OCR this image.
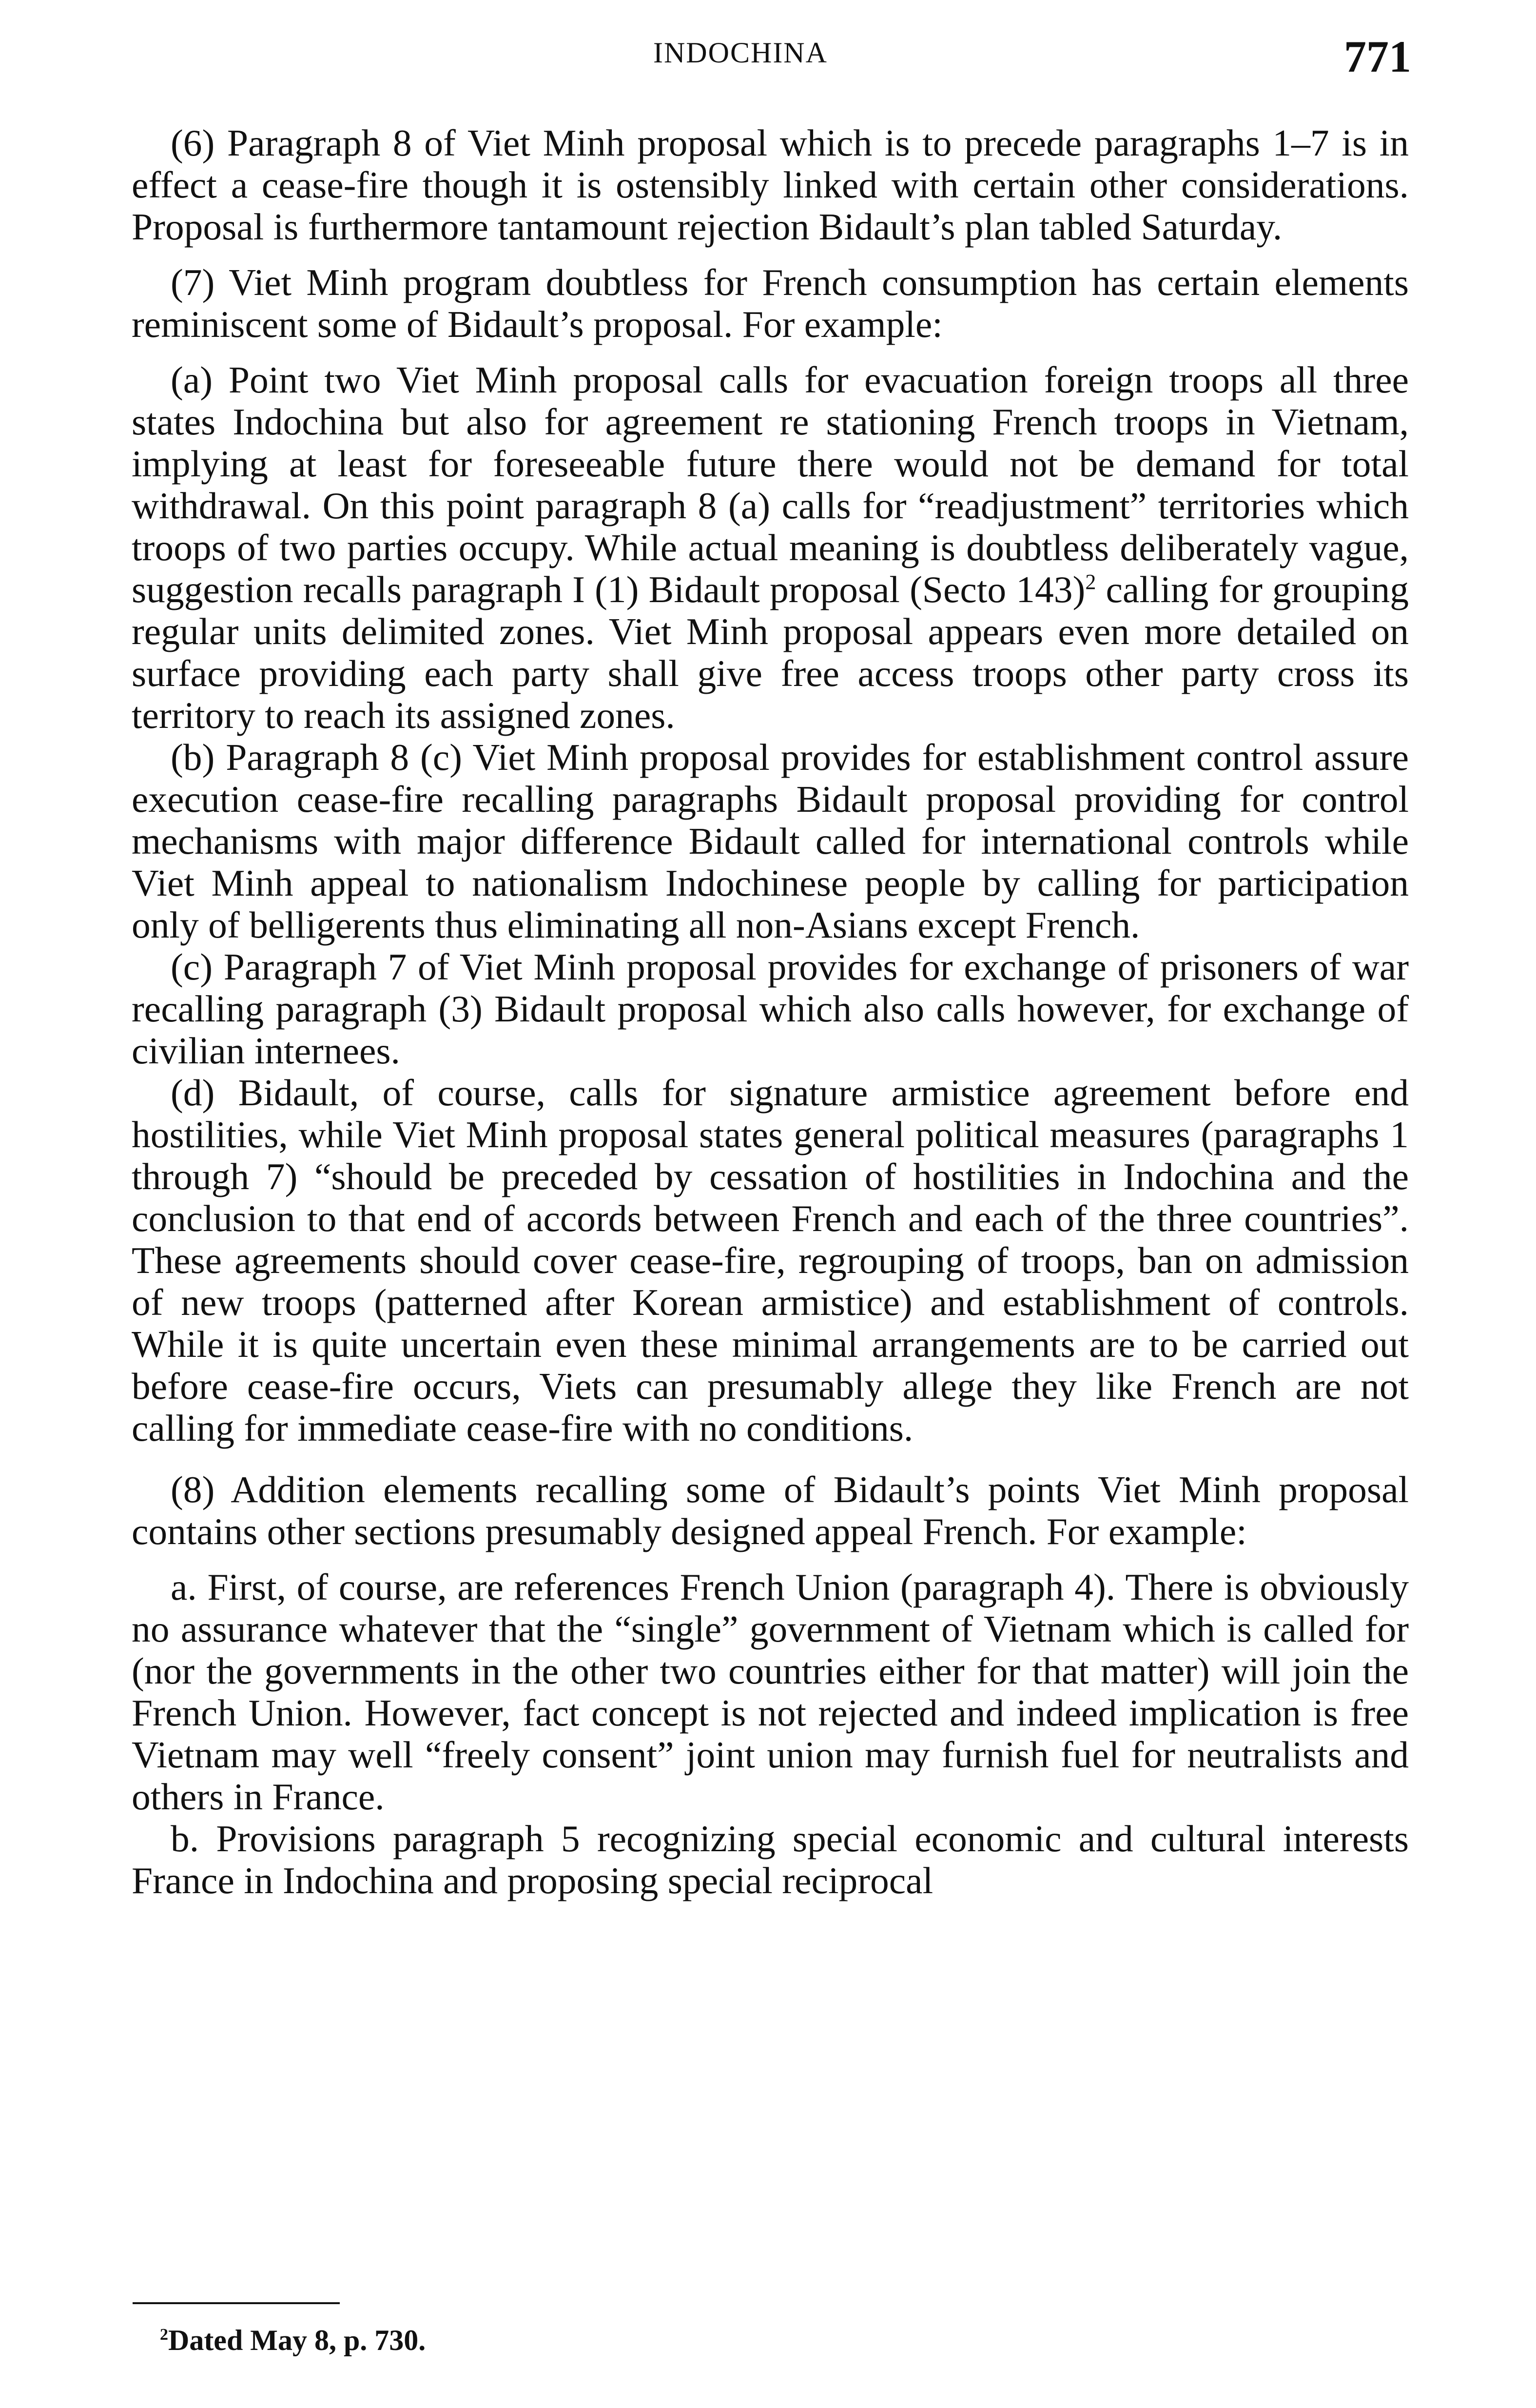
INDOCHINA	771

(6) Paragraph 8 of Viet Minh proposal which is to precede paragraphs 1–7 is in effect a cease-fire though it is ostensibly linked with certain other considerations. Proposal is furthermore tantamount rejection Bidault’s plan tabled Saturday.

(7) Viet Minh program doubtless for French consumption has certain elements reminiscent some of Bidault’s proposal. For example:

(a) Point two Viet Minh proposal calls for evacuation foreign troops all three states Indochina but also for agreement re stationing French troops in Vietnam, implying at least for foreseeable future there would not be demand for total withdrawal. On this point paragraph 8 (a) calls for “readjustment” territories which troops of two parties occupy. While actual meaning is doubtless deliberately vague, suggestion recalls paragraph I (1) Bidault proposal (Secto 143)$^2$ calling for grouping regular units delimited zones. Viet Minh proposal appears even more detailed on surface providing each party shall give free access troops other party cross its territory to reach its assigned zones.

(b) Paragraph 8 (c) Viet Minh proposal provides for establishment control assure execution cease-fire recalling paragraphs Bidault proposal providing for control mechanisms with major difference Bidault called for international controls while Viet Minh appeal to nationalism Indochinese people by calling for participation only of belligerents thus eliminating all non-Asians except French.

(c) Paragraph 7 of Viet Minh proposal provides for exchange of prisoners of war recalling paragraph (3) Bidault proposal which also calls however, for exchange of civilian internees.

(d) Bidault, of course, calls for signature armistice agreement before end hostilities, while Viet Minh proposal states general political measures (paragraphs 1 through 7) “should be preceded by cessation of hostilities in Indochina and the conclusion to that end of accords between French and each of the three countries”. These agreements should cover cease-fire, regrouping of troops, ban on admission of new troops (patterned after Korean armistice) and establishment of controls. While it is quite uncertain even these minimal arrangements are to be carried out before cease-fire occurs, Viets can presumably allege they like French are not calling for immediate cease-fire with no conditions.

(8) Addition elements recalling some of Bidault’s points Viet Minh proposal contains other sections presumably designed appeal French. For example:

a. First, of course, are references French Union (paragraph 4). There is obviously no assurance whatever that the “single” government of Vietnam which is called for (nor the governments in the other two countries either for that matter) will join the French Union. However, fact concept is not rejected and indeed implication is free Vietnam may well “freely consent” joint union may furnish fuel for neutralists and others in France.

b. Provisions paragraph 5 recognizing special economic and cultural interests France in Indochina and proposing special reciprocal

$^2$Dated May 8, p. 730.
